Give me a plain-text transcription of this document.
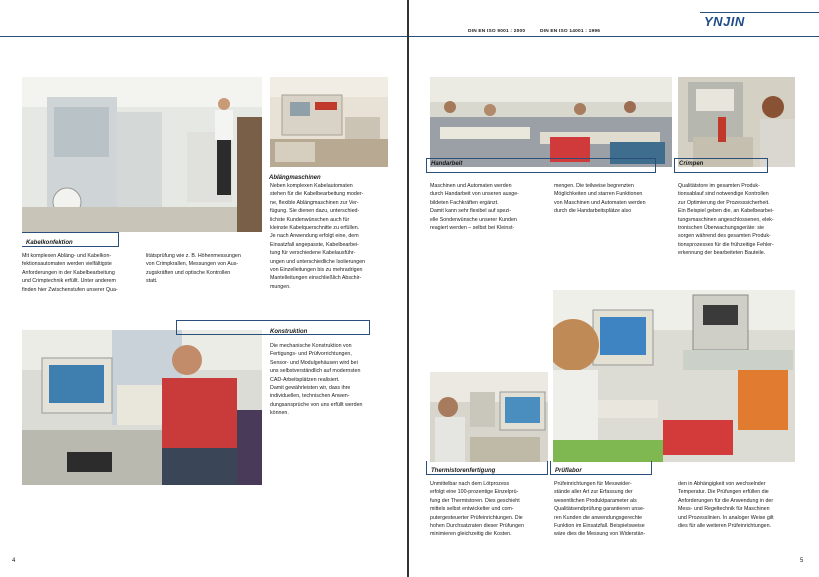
DIN EN ISO 9001 : 2000	DIN EN ISO 14001 : 1996
YNJIN
Kabelkonfektion
Mit komplexen Abläng- und Kabelkon-
fektionsautomaten werden vielfältigste
Anforderungen in der Kabelbearbeitung
und Crimptechnik erfüllt. Unter anderem
finden hier Zwischenstufen unserer Qua-
litätsprüfung wie z. B. Höhenmessungen
von Crimpkrallen, Messungen von Aus-
zugskräften und optische Kontrollen
statt.
Ablängmaschinen
Neben komplexen Kabelautomaten
stehen für die Kabelbearbeitung moder-
ne, flexible Ablängmaschinen zur Ver-
fügung. Sie dienen dazu, unterschied-
lichste Kundenwünschen auch für
kleinste Kabelquerschnitte zu erfüllen.
Je nach Anwendung erfolgt eine, dem
Einsatzfall angepasste, Kabelbearbei-
tung für verschiedene Kabelausführ-
ungen und unterschiedliche Isolierungen
von Einzelleitungen bis zu mehradrigen
Mantelleitungen einschließlich Abschir-
mungen.
Konstruktion
Die mechanische Konstruktion von
Fertigungs- und Prüfvorrichtungen,
Sensor- und Modulgehäusen wird bei
uns selbstverständlich auf modernsten
CAD-Arbeitsplätzen realisiert.
Damit gewährleisten wir, dass ihre
individuellen, technischen Anwen-
dungsansprüche von uns erfüllt werden
können.
4
Handarbeit
Maschinen und Automaten werden
durch Handarbeit von unseren ausge-
bildeten Fachkräften ergänzt.
Damit kann sehr flexibel auf spezi-
elle Sonderwünsche unserer Kunden
reagiert werden – selbst bei Kleinst-
mengen. Die teilweise begrenzten
Möglichkeiten und starren Funktionen
von Maschinen und Automaten werden
durch die Handarbeitsplätze also
Crimpen
Qualitätstore im gesamten Produk-
tionsablauf sind notwendige Kontrollen
zur Optimierung der Prozesssicherheit.
Ein Beispiel geben die, an Kabelbearbei-
tungsmaschinen angeschlossenen, elek-
tronischen Überwachungsgeräte: sie
sorgen während des gesamten Produk-
tionsprozesses für die frühzeitige Fehler-
erkennung der bearbeiteten Bauteile.
Thermistorenfertigung
Unmittelbar nach dem Lötprozess
erfolgt eine 100-prozentige Einzelprü-
fung der Thermistoren. Dies geschieht
mittels selbst entwickelter und com-
putergesteuerter Prüfeinrichtungen. Die
hohen Durchsatzraten dieser Prüfungen
minimieren gleichzeitig die Kosten.
Prüflabor
Prüfeinrichtungen für Messwider-
stände aller Art zur Erfassung der
wesentlichen Produktparameter als
Qualitätsendprüfung garantieren unse-
ren Kunden die anwendungsgerechte
Funktion im Einsatzfall. Beispielsweise
wäre dies die Messung von Widerstän-
den in Abhängigkeit von wechselnder
Temperatur. Die Prüfungen erfüllen die
Anforderungen für die Anwendung in der
Mess- und Regeltechnik für Maschinen
und Prozesslinien. In analoger Weise gilt
dies für alle weiteren Prüfeinrichtungen.
5
